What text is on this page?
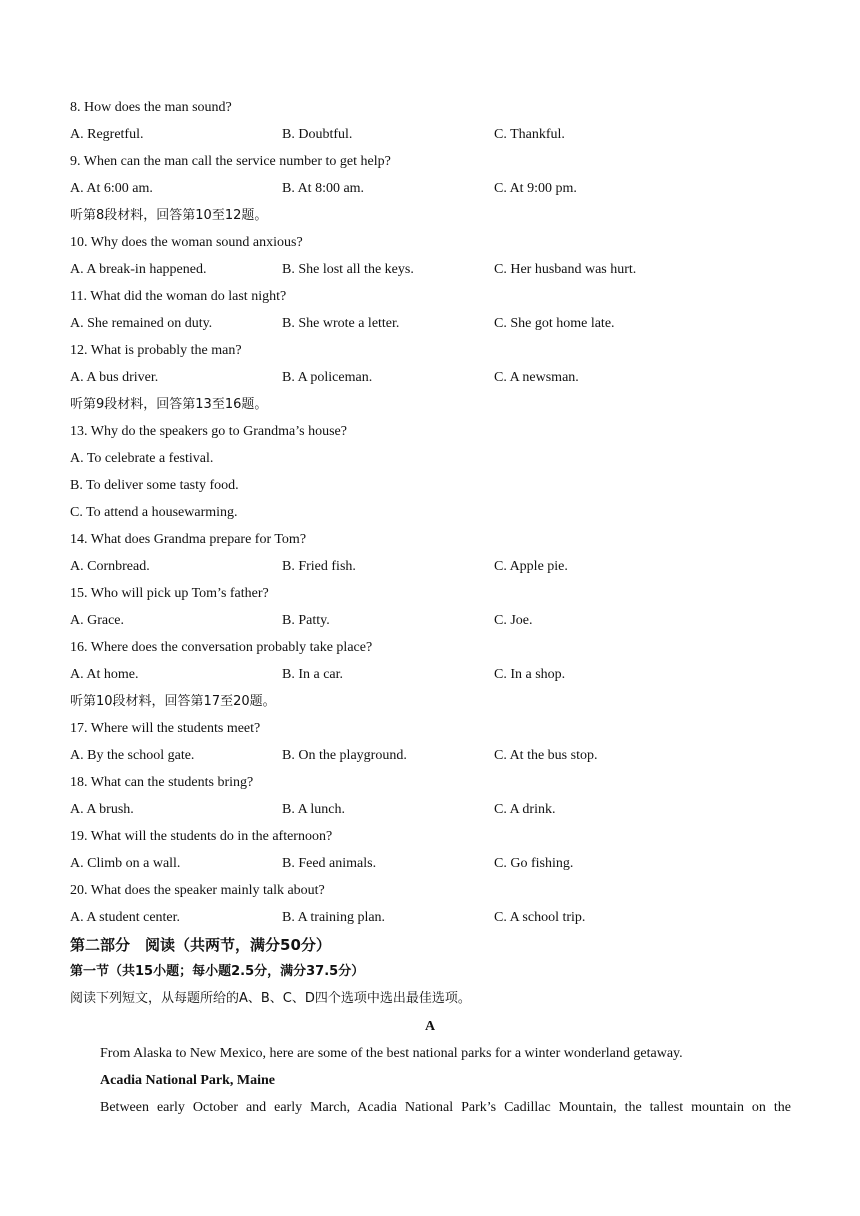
8. How does the man sound?
A. Regretful.	B. Doubtful.	C. Thankful.
9. When can the man call the service number to get help?
A. At 6:00 am.	B. At 8:00 am.	C. At 9:00 pm.
听第8段材料，回答第10至12题。
10. Why does the woman sound anxious?
A. A break-in happened.	B. She lost all the keys.	C. Her husband was hurt.
11. What did the woman do last night?
A. She remained on duty.	B. She wrote a letter.	C. She got home late.
12. What is probably the man?
A. A bus driver.	B. A policeman.	C. A newsman.
听第9段材料，回答第13至16题。
13. Why do the speakers go to Grandma’s house?
A. To celebrate a festival.
B. To deliver some tasty food.
C. To attend a housewarming.
14. What does Grandma prepare for Tom?
A. Cornbread.	B. Fried fish.	C. Apple pie.
15. Who will pick up Tom’s father?
A. Grace.	B. Patty.	C. Joe.
16. Where does the conversation probably take place?
A. At home.	B. In a car.	C. In a shop.
听第10段材料，回答第17至20题。
17. Where will the students meet?
A. By the school gate.	B. On the playground.	C. At the bus stop.
18. What can the students bring?
A. A brush.	B. A lunch.	C. A drink.
19. What will the students do in the afternoon?
A. Climb on a wall.	B. Feed animals.	C. Go fishing.
20. What does the speaker mainly talk about?
A. A student center.	B. A training plan.	C. A school trip.
第二部分　阅读（共两节，满分50分）
第一节（共15小题；每小题2.5分，满分37.5分）
阅读下列短文，从每题所给的A、B、C、D四个选项中选出最佳选项。
A
From Alaska to New Mexico, here are some of the best national parks for a winter wonderland getaway.
Acadia National Park, Maine
Between early October and early March, Acadia National Park’s Cadillac Mountain, the tallest mountain on the
